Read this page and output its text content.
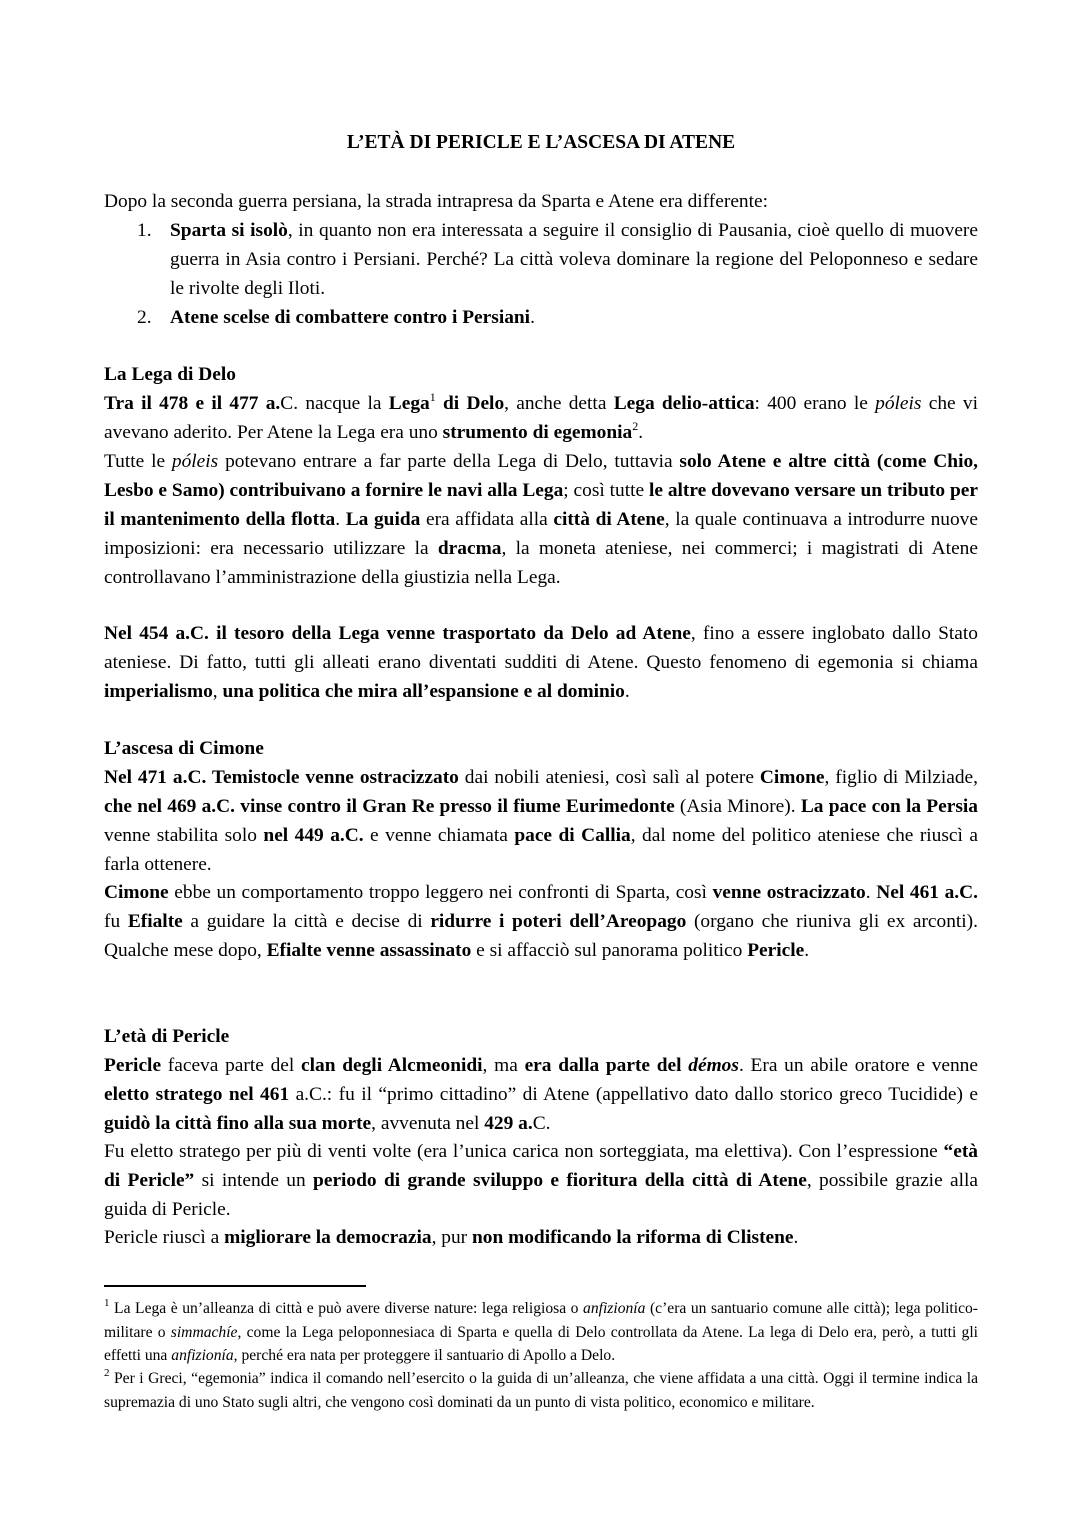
L’ETÀ DI PERICLE E L’ASCESA DI ATENE
Dopo la seconda guerra persiana, la strada intrapresa da Sparta e Atene era differente:
1. Sparta si isolò, in quanto non era interessata a seguire il consiglio di Pausania, cioè quello di muovere guerra in Asia contro i Persiani. Perché? La città voleva dominare la regione del Peloponneso e sedare le rivolte degli Iloti.
2. Atene scelse di combattere contro i Persiani.
La Lega di Delo
Tra il 478 e il 477 a.C. nacque la Lega$^1$ di Delo, anche detta Lega delio-attica: 400 erano le póleis che vi avevano aderito. Per Atene la Lega era uno strumento di egemonia$^2$.
Tutte le póleis potevano entrare a far parte della Lega di Delo, tuttavia solo Atene e altre città (come Chio, Lesbo e Samo) contribuivano a fornire le navi alla Lega; così tutte le altre dovevano versare un tributo per il mantenimento della flotta. La guida era affidata alla città di Atene, la quale continuava a introdurre nuove imposizioni: era necessario utilizzare la dracma, la moneta ateniese, nei commerci; i magistrati di Atene controllavano l’amministrazione della giustizia nella Lega.
Nel 454 a.C. il tesoro della Lega venne trasportato da Delo ad Atene, fino a essere inglobato dallo Stato ateniese. Di fatto, tutti gli alleati erano diventati sudditi di Atene. Questo fenomeno di egemonia si chiama imperialismo, una politica che mira all’espansione e al dominio.
L’ascesa di Cimone
Nel 471 a.C. Temistocle venne ostracizzato dai nobili ateniesi, così salì al potere Cimone, figlio di Milziade, che nel 469 a.C. vinse contro il Gran Re presso il fiume Eurimedonte (Asia Minore). La pace con la Persia venne stabilita solo nel 449 a.C. e venne chiamata pace di Callia, dal nome del politico ateniese che riuscì a farla ottenere.
Cimone ebbe un comportamento troppo leggero nei confronti di Sparta, così venne ostracizzato. Nel 461 a.C. fu Efialte a guidare la città e decise di ridurre i poteri dell’Areopago (organo che riuniva gli ex arconti). Qualche mese dopo, Efialte venne assassinato e si affacciò sul panorama politico Pericle.
L’età di Pericle
Pericle faceva parte del clan degli Alcmeonidi, ma era dalla parte del démos. Era un abile oratore e venne eletto stratego nel 461 a.C.: fu il “primo cittadino” di Atene (appellativo dato dallo storico greco Tucidide) e guidò la città fino alla sua morte, avvenuta nel 429 a.C.
Fu eletto stratego per più di venti volte (era l’unica carica non sorteggiata, ma elettiva). Con l’espressione “età di Pericle” si intende un periodo di grande sviluppo e fioritura della città di Atene, possibile grazie alla guida di Pericle.
Pericle riuscì a migliorare la democrazia, pur non modificando la riforma di Clistene.
$^1$ La Lega è un’alleanza di città e può avere diverse nature: lega religiosa o anfizionía (c’era un santuario comune alle città); lega politico-militare o simmachíe, come la Lega peloponnesiaca di Sparta e quella di Delo controllata da Atene. La lega di Delo era, però, a tutti gli effetti una anfizionía, perché era nata per proteggere il santuario di Apollo a Delo.
$^2$ Per i Greci, “egemonia” indica il comando nell’esercito o la guida di un’alleanza, che viene affidata a una città. Oggi il termine indica la supremazia di uno Stato sugli altri, che vengono così dominati da un punto di vista politico, economico e militare.
